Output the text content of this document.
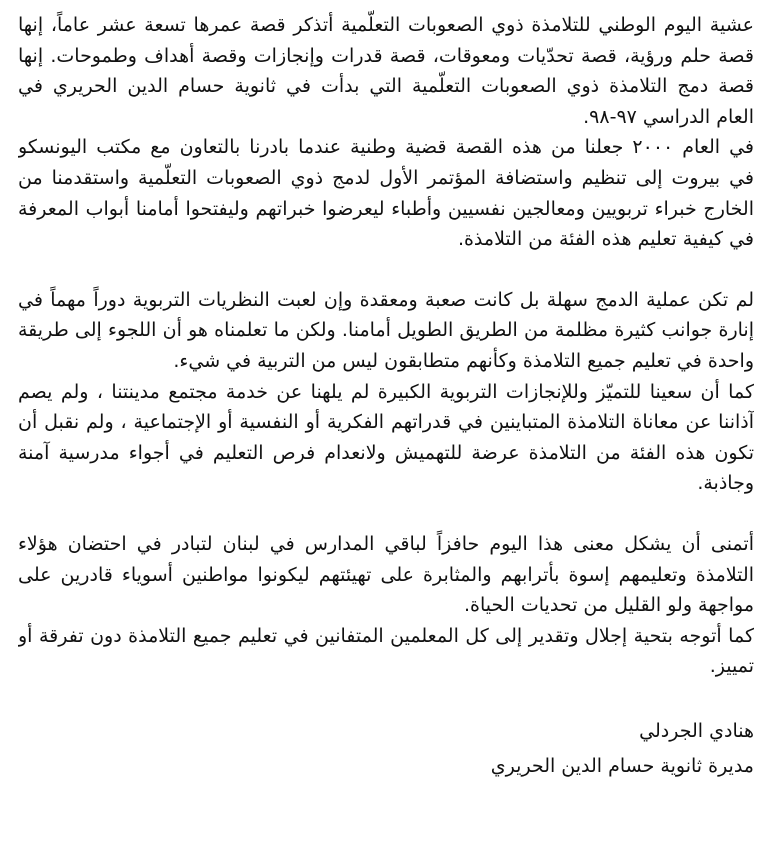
عشية اليوم الوطني للتلامذة ذوي الصعوبات التعلّمية أتذكر قصة عمرها تسعة عشر عاماً، إنها
قصة حلم ورؤية، قصة تحدّيات ومعوقات، قصة قدرات وإنجازات وقصة أهداف وطموحات. إنها
قصة دمج التلامذة ذوي الصعوبات التعلّمية التي بدأت في ثانوية حسام الدين الحريري في
العام الدراسي ٩٧-٩٨.

في العام ٢٠٠٠ جعلنا من هذه القصة قضية وطنية عندما بادرنا بالتعاون مع مكتب اليونسكو
في بيروت إلى تنظيم واستضافة المؤتمر الأول لدمج ذوي الصعوبات التعلّمية واستقدمنا من
الخارج خبراء تربويين ومعالجين نفسيين وأطباء ليعرضوا خبراتهم وليفتحوا أمامنا أبواب المعرفة
في كيفية تعليم هذه الفئة من التلامذة.

لم تكن عملية الدمج سهلة بل كانت صعبة ومعقدة وإن لعبت النظريات التربوية دوراً مهماً في
إنارة جوانب كثيرة مظلمة من الطريق الطويل أمامنا. ولكن ما تعلمناه هو أن اللجوء إلى طريقة
واحدة في تعليم جميع التلامذة وكأنهم متطابقون ليس من التربية في شيء.
كما أن سعينا للتميّز وللإنجازات التربوية الكبيرة لم يلهنا عن خدمة مجتمع مدينتنا ، ولم يصم
آذاننا عن معاناة التلامذة المتباينين في قدراتهم الفكرية أو النفسية أو الإجتماعية ، ولم نقبل أن
تكون هذه الفئة من التلامذة عرضة للتهميش ولانعدام فرص التعليم في أجواء مدرسية آمنة
وجاذبة.

أتمنى أن يشكل معنى هذا اليوم حافزاً لباقي المدارس في لبنان لتبادر في احتضان هؤلاء
التلامذة وتعليمهم إسوة بأترابهم والمثابرة على تهيئتهم ليكونوا مواطنين أسوياء قادرين على
مواجهة ولو القليل من تحديات الحياة.
كما أتوجه بتحية إجلال وتقدير إلى كل المعلمين المتفانين في تعليم جميع التلامذة دون تفرقة أو
تمييز.

هنادي الجردلي
مديرة ثانوية حسام الدين الحريري
